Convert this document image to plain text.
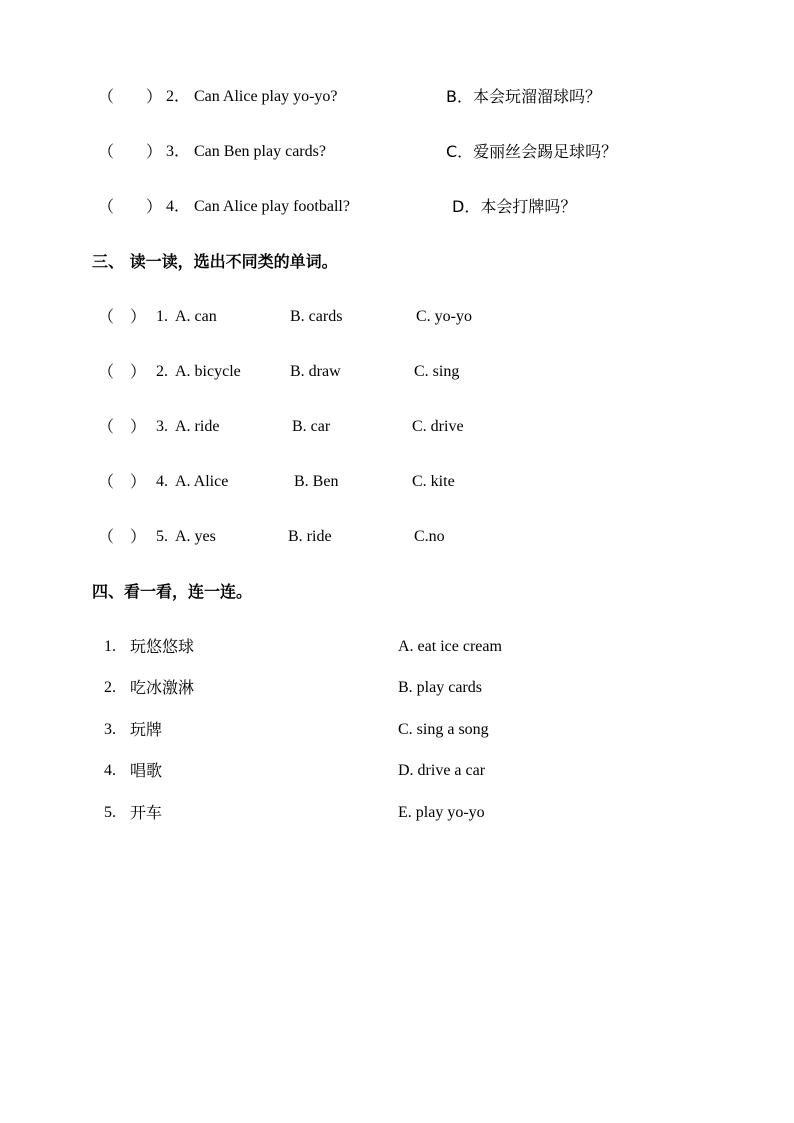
（　　） 2． Can Alice play yo-yo?	B．本会玩溜溜球吗？
（　　） 3． Can Ben play cards?	C．爱丽丝会踢足球吗？
（　　） 4． Can Alice play football?	D．本会打牌吗？
三、 读一读，选出不同类的单词。
（　） 1. A. can	B. cards	C. yo-yo
（　） 2. A. bicycle	B. draw	C. sing
（　） 3. A. ride	B. car	C. drive
（　） 4. A. Alice	B. Ben	C. kite
（　） 5. A. yes	B. ride	C.no
四、看一看，连一连。
1. 玩悠悠球	A. eat ice cream
2. 吃冰激淋	B. play cards
3. 玩牌	C. sing a song
4. 唱歌	D. drive a car
5. 开车	E. play yo-yo
